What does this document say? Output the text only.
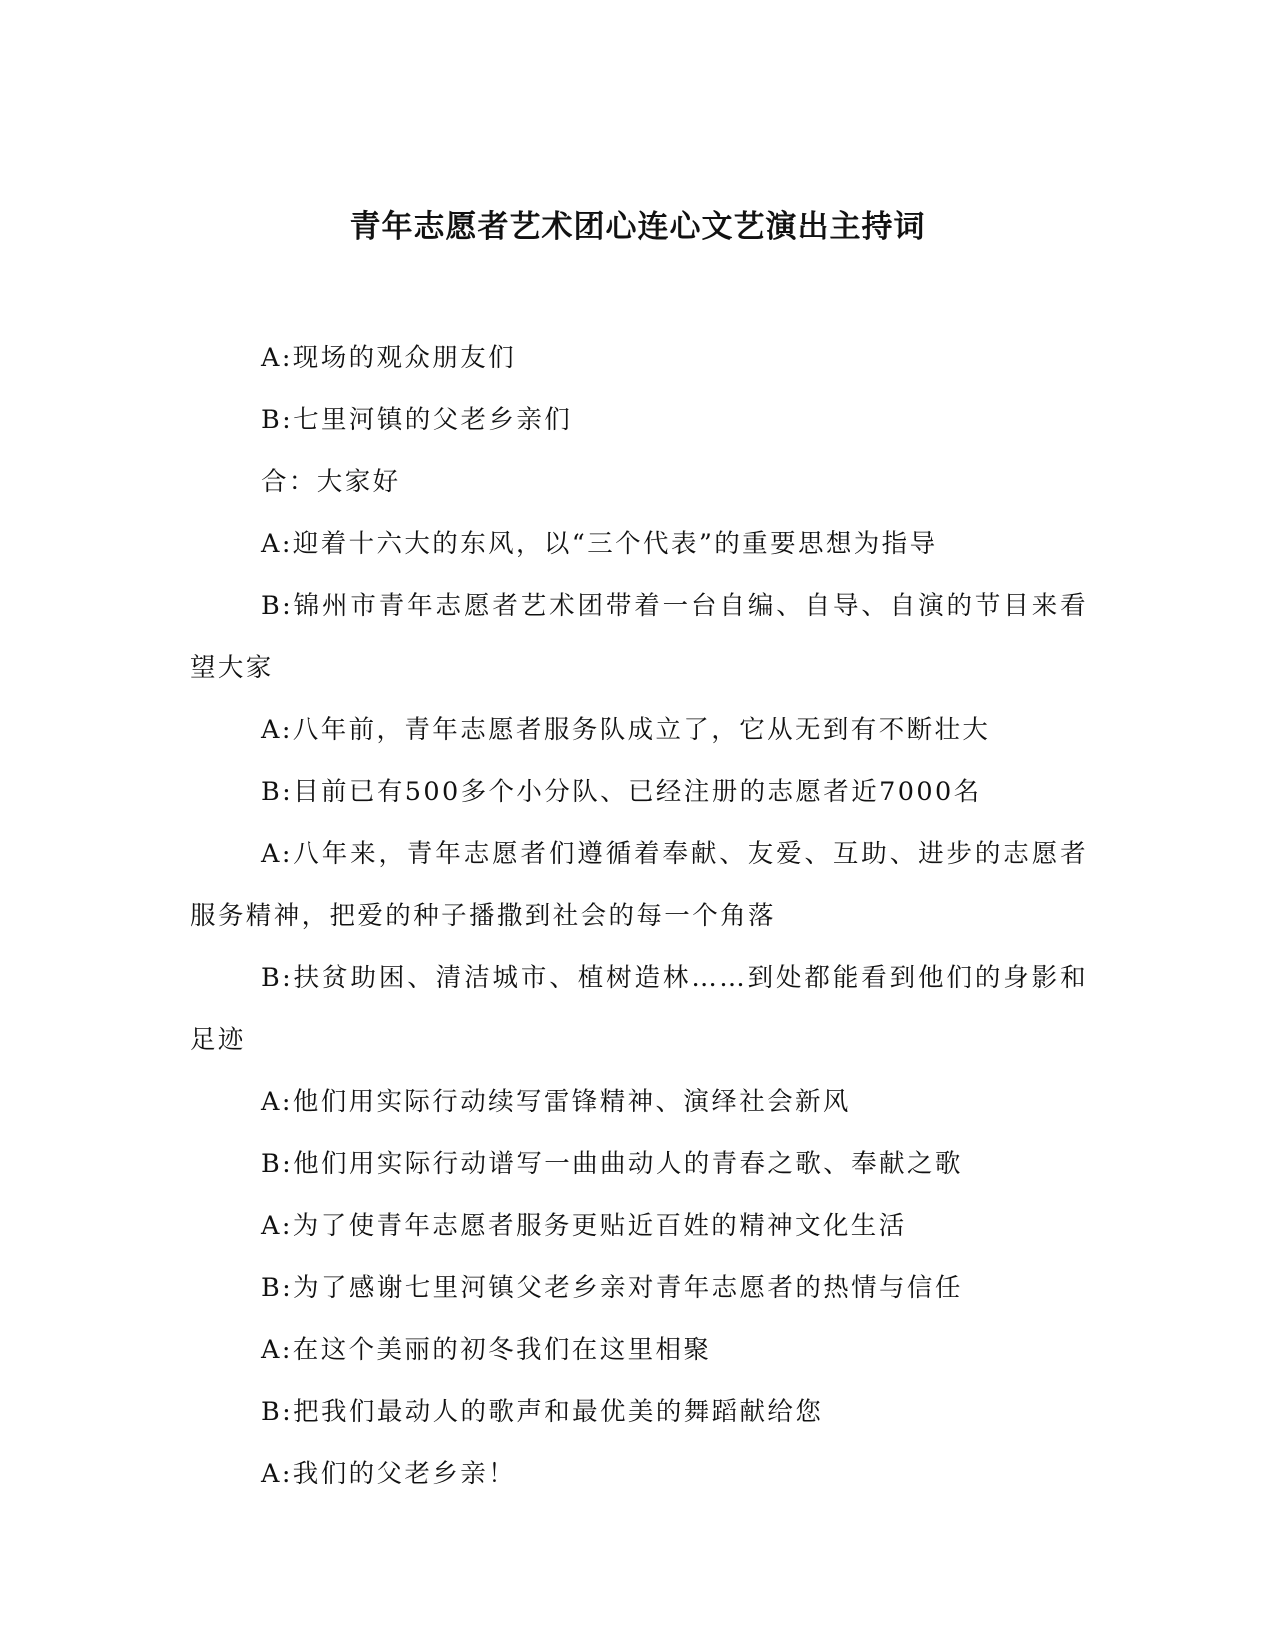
青年志愿者艺术团心连心文艺演出主持词

A:现场的观众朋友们

B:七里河镇的父老乡亲们

合：大家好

A:迎着十六大的东风，以“三个代表”的重要思想为指导

B:锦州市青年志愿者艺术团带着一台自编、自导、自演的节目来看望大家

A:八年前，青年志愿者服务队成立了，它从无到有不断壮大

B:目前已有500多个小分队、已经注册的志愿者近7000名

A:八年来，青年志愿者们遵循着奉献、友爱、互助、进步的志愿者服务精神，把爱的种子播撒到社会的每一个角落

B:扶贫助困、清洁城市、植树造林……到处都能看到他们的身影和足迹

A:他们用实际行动续写雷锋精神、演绎社会新风

B:他们用实际行动谱写一曲曲动人的青春之歌、奉献之歌

A:为了使青年志愿者服务更贴近百姓的精神文化生活

B:为了感谢七里河镇父老乡亲对青年志愿者的热情与信任

A:在这个美丽的初冬我们在这里相聚

B:把我们最动人的歌声和最优美的舞蹈献给您

A:我们的父老乡亲！
